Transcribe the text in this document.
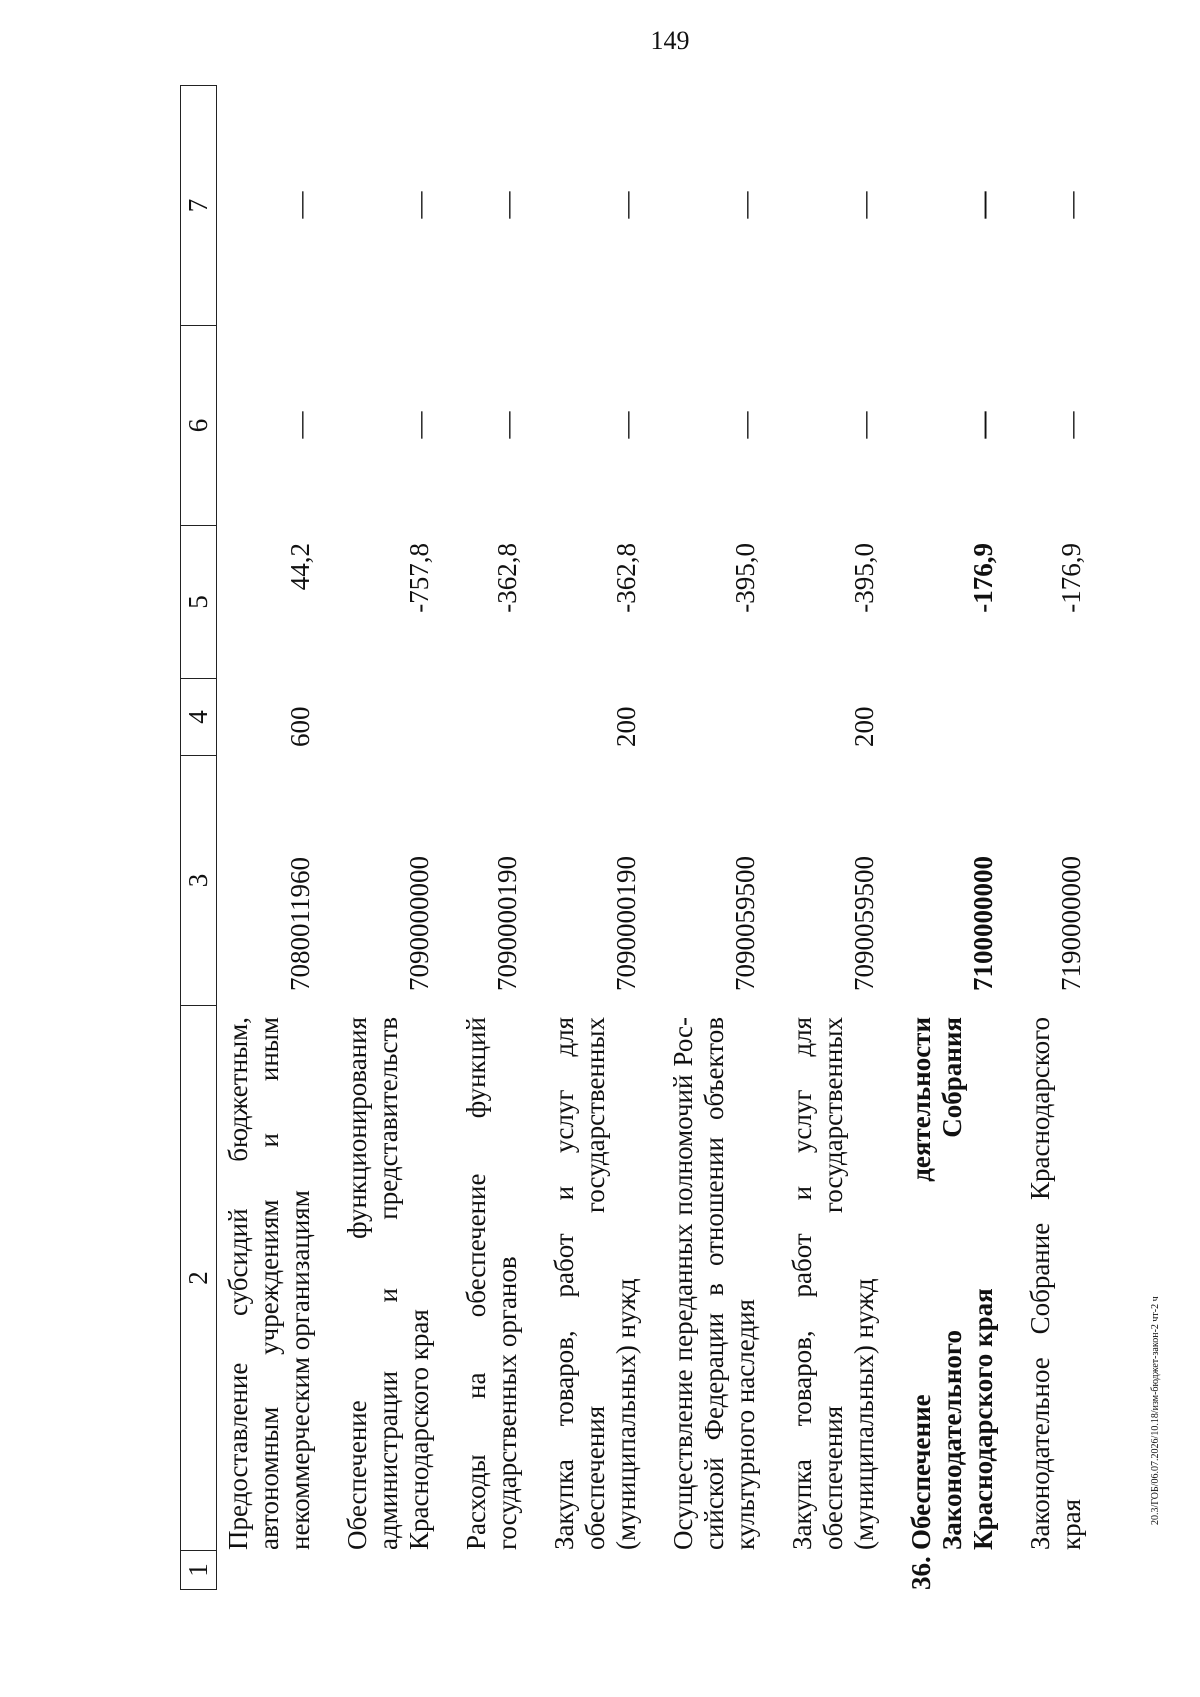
149
20.3/ГОБ/06.07.2026/10.18/изм-бюджет-закон-2 чт-2 ч
1
2
3
4
5
6
7
Предоставление субсидий бюджетным, автономным учреждениям и иным некоммерческим организациям
7080011960
600
44,2
—
—
Обеспечение функционирования администрации и представительств Краснодарского края
7090000000
-757,8
—
—
Расходы на обеспечение функций государственных органов
7090000190
-362,8
—
—
Закупка товаров, работ и услуг для обеспечения государственных (муниципальных) нужд
7090000190
200
-362,8
—
—
Осуществление переданных полномочий Российской Федерации в отношении объектов культурного наследия
7090059500
-395,0
—
—
Закупка товаров, работ и услуг для обеспечения государственных (муниципальных) нужд
7090059500
200
-395,0
—
—
36.
Обеспечение деятельности Законодательного Собрания Краснодарского края
7100000000
-176,9
—
—
Законодательное Собрание Краснодарского края
7190000000
-176,9
—
—
